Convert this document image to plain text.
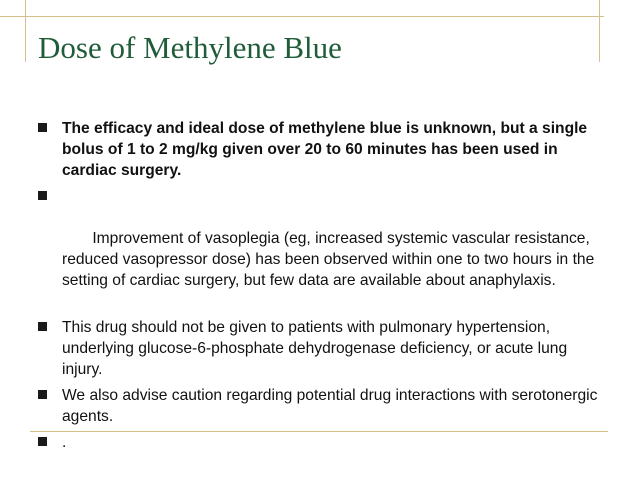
Dose of Methylene Blue
The efficacy and ideal dose of methylene blue is unknown, but a single bolus of 1 to 2 mg/kg given over 20 to 60 minutes has been used in cardiac surgery.

Improvement of vasoplegia (eg, increased systemic vascular resistance, reduced vasopressor dose) has been observed within one to two hours in the setting of cardiac surgery, but few data are available about anaphylaxis.

This drug should not be given to patients with pulmonary hypertension, underlying glucose-6-phosphate dehydrogenase deficiency, or acute lung injury.
We also advise caution regarding potential drug interactions with serotonergic agents.
.
